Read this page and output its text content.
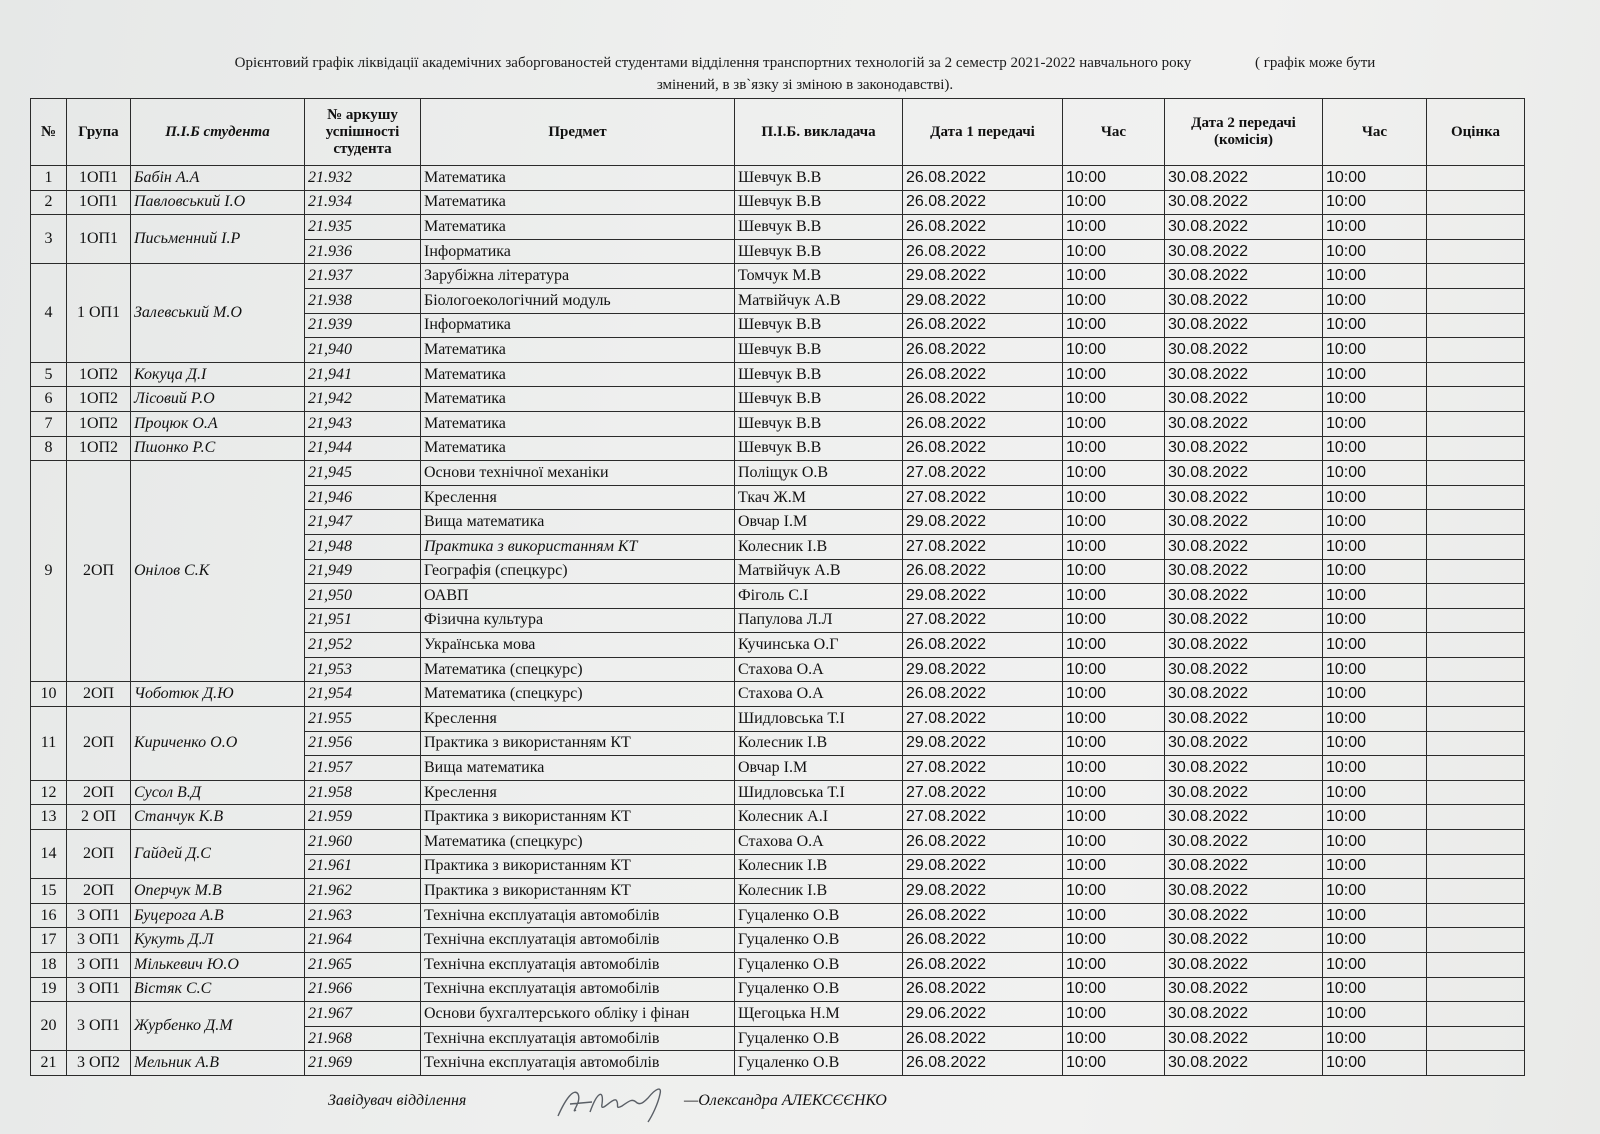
Орієнтовий графік ліквідації академічних заборгованостей студентами відділення транспортних технологій за 2 семестр 2021-2022 навчального року	( графік може бути
змінений, в зв`язку зі зміною в законодавстві).
№	Група	П.І.Б студента	№ аркушу успішності студента	Предмет	П.І.Б. викладача	Дата 1 передачі	Час	Дата 2 передачі (комісія)	Час	Оцінка
1	1ОП1	Бабін А.А	21.932	Математика	Шевчук В.В	26.08.2022	10:00	30.08.2022	10:00	
2	1ОП1	Павловський І.О	21.934	Математика	Шевчук В.В	26.08.2022	10:00	30.08.2022	10:00	
3	1ОП1	Письменний І.Р	21.935	Математика	Шевчук В.В	26.08.2022	10:00	30.08.2022	10:00	
			21.936	Інформатика	Шевчук В.В	26.08.2022	10:00	30.08.2022	10:00	
4	1 ОП1	Залевський М.О	21.937	Зарубіжна література	Томчук М.В	29.08.2022	10:00	30.08.2022	10:00	
			21.938	Біологоекологічний модуль	Матвійчук А.В	29.08.2022	10:00	30.08.2022	10:00	
			21.939	Інформатика	Шевчук В.В	26.08.2022	10:00	30.08.2022	10:00	
			21,940	Математика	Шевчук В.В	26.08.2022	10:00	30.08.2022	10:00	
5	1ОП2	Кокуца Д.І	21,941	Математика	Шевчук В.В	26.08.2022	10:00	30.08.2022	10:00	
6	1ОП2	Лісовий Р.О	21,942	Математика	Шевчук В.В	26.08.2022	10:00	30.08.2022	10:00	
7	1ОП2	Процюк О.А	21,943	Математика	Шевчук В.В	26.08.2022	10:00	30.08.2022	10:00	
8	1ОП2	Пшонко Р.С	21,944	Математика	Шевчук В.В	26.08.2022	10:00	30.08.2022	10:00	
9	2ОП	Онілов С.К	21,945	Основи технічної механіки	Поліщук О.В	27.08.2022	10:00	30.08.2022	10:00	
			21,946	Креслення	Ткач Ж.М	27.08.2022	10:00	30.08.2022	10:00	
			21,947	Вища математика	Овчар І.М	29.08.2022	10:00	30.08.2022	10:00	
			21,948	Практика з використанням КТ	Колесник І.В	27.08.2022	10:00	30.08.2022	10:00	
			21,949	Географія (спецкурс)	Матвійчук А.В	26.08.2022	10:00	30.08.2022	10:00	
			21,950	ОАВП	Фіголь С.І	29.08.2022	10:00	30.08.2022	10:00	
			21,951	Фізична культура	Папулова Л.Л	27.08.2022	10:00	30.08.2022	10:00	
			21,952	Українська мова	Кучинська О.Г	26.08.2022	10:00	30.08.2022	10:00	
			21,953	Математика (спецкурс)	Стахова О.А	29.08.2022	10:00	30.08.2022	10:00	
10	2ОП	Чоботюк Д.Ю	21,954	Математика (спецкурс)	Стахова О.А	26.08.2022	10:00	30.08.2022	10:00	
11	2ОП	Кириченко О.О	21.955	Креслення	Шидловська Т.І	27.08.2022	10:00	30.08.2022	10:00	
			21.956	Практика з використанням КТ	Колесник І.В	29.08.2022	10:00	30.08.2022	10:00	
			21.957	Вища математика	Овчар І.М	27.08.2022	10:00	30.08.2022	10:00	
12	2ОП	Сусол В.Д	21.958	Креслення	Шидловська Т.І	27.08.2022	10:00	30.08.2022	10:00	
13	2 ОП	Станчук К.В	21.959	Практика з використанням КТ	Колесник А.І	27.08.2022	10:00	30.08.2022	10:00	
14	2ОП	Гайдей Д.С	21.960	Математика (спецкурс)	Стахова О.А	26.08.2022	10:00	30.08.2022	10:00	
			21.961	Практика з використанням КТ	Колесник І.В	29.08.2022	10:00	30.08.2022	10:00	
15	2ОП	Оперчук М.В	21.962	Практика з використанням КТ	Колесник І.В	29.08.2022	10:00	30.08.2022	10:00	
16	3 ОП1	Буцерога А.В	21.963	Технічна експлуатація автомобілів	Гуцаленко О.В	26.08.2022	10:00	30.08.2022	10:00	
17	3 ОП1	Кукуть Д.Л	21.964	Технічна експлуатація автомобілів	Гуцаленко О.В	26.08.2022	10:00	30.08.2022	10:00	
18	3 ОП1	Мількевич Ю.О	21.965	Технічна експлуатація автомобілів	Гуцаленко О.В	26.08.2022	10:00	30.08.2022	10:00	
19	3 ОП1	Вістяк С.С	21.966	Технічна експлуатація автомобілів	Гуцаленко О.В	26.08.2022	10:00	30.08.2022	10:00	
20	3 ОП1	Журбенко Д.М	21.967	Основи бухгалтерського обліку і фінан	Щегоцька Н.М	29.06.2022	10:00	30.08.2022	10:00	
			21.968	Технічна експлуатація автомобілів	Гуцаленко О.В	26.08.2022	10:00	30.08.2022	10:00	
21	3 ОП2	Мельник А.В	21.969	Технічна експлуатація автомобілів	Гуцаленко О.В	26.08.2022	10:00	30.08.2022	10:00	
Завідувач відділення	—Олександра АЛЕКСЄЄНКО
